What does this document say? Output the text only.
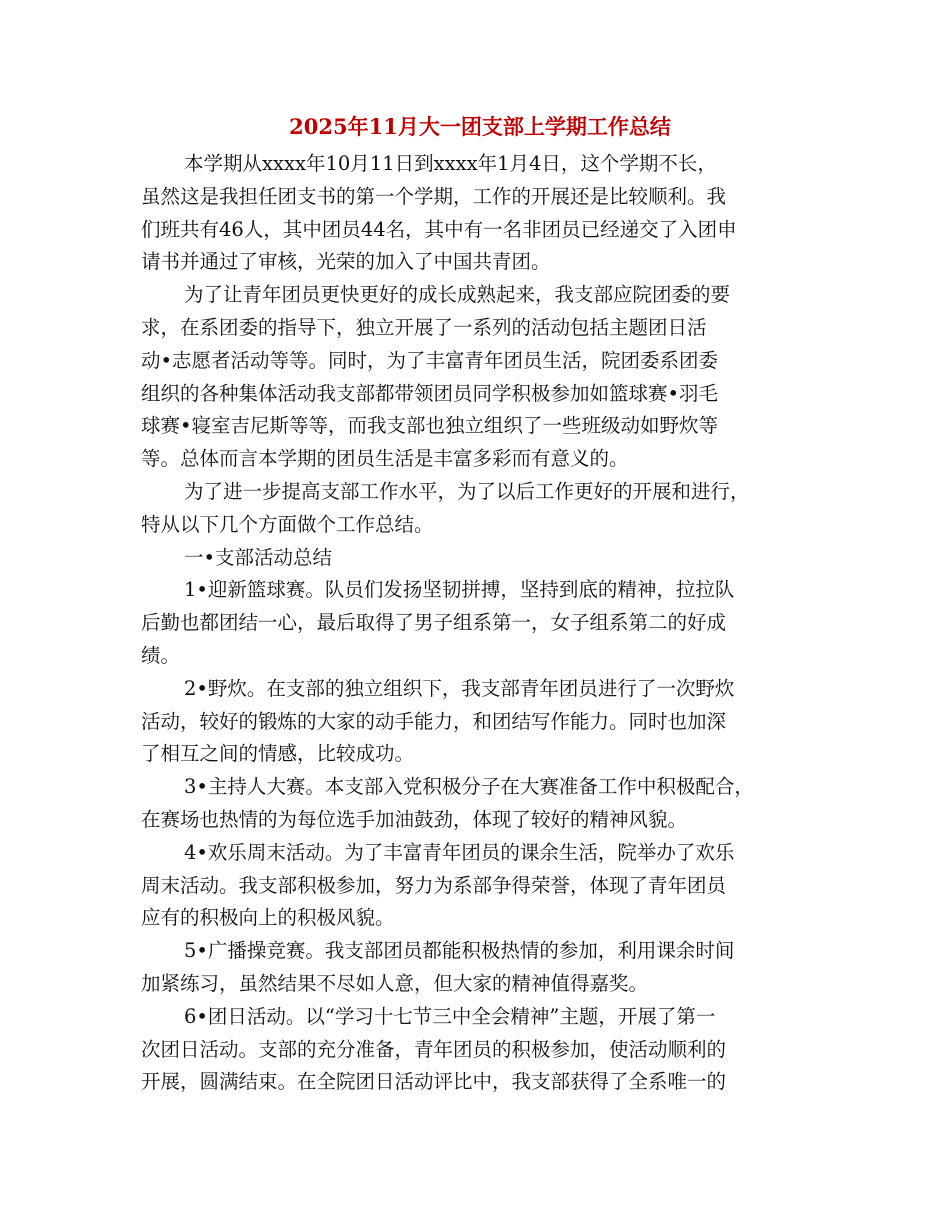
2025年11月大一团支部上学期工作总结
本学期从xxxx年10月11日到xxxx年1月4日，这个学期不长，
虽然这是我担任团支书的第一个学期，工作的开展还是比较顺利。我
们班共有46人，其中团员44名，其中有一名非团员已经递交了入团申
请书并通过了审核，光荣的加入了中国共青团。
为了让青年团员更快更好的成长成熟起来，我支部应院团委的要
求，在系团委的指导下，独立开展了一系列的活动包括主题团日活
动•志愿者活动等等。同时，为了丰富青年团员生活，院团委系团委
组织的各种集体活动我支部都带领团员同学积极参加如篮球赛•羽毛
球赛•寝室吉尼斯等等，而我支部也独立组织了一些班级动如野炊等
等。总体而言本学期的团员生活是丰富多彩而有意义的。
为了进一步提高支部工作水平，为了以后工作更好的开展和进行，
特从以下几个方面做个工作总结。
一•支部活动总结
1•迎新篮球赛。队员们发扬坚韧拼搏，坚持到底的精神，拉拉队
后勤也都团结一心，最后取得了男子组系第一，女子组系第二的好成
绩。
2•野炊。在支部的独立组织下，我支部青年团员进行了一次野炊
活动，较好的锻炼的大家的动手能力，和团结写作能力。同时也加深
了相互之间的情感，比较成功。
3•主持人大赛。本支部入党积极分子在大赛准备工作中积极配合，
在赛场也热情的为每位选手加油鼓劲，体现了较好的精神风貌。
4•欢乐周末活动。为了丰富青年团员的课余生活，院举办了欢乐
周末活动。我支部积极参加，努力为系部争得荣誉，体现了青年团员
应有的积极向上的积极风貌。
5•广播操竞赛。我支部团员都能积极热情的参加，利用课余时间
加紧练习，虽然结果不尽如人意，但大家的精神值得嘉奖。
6•团日活动。以“学习十七节三中全会精神”主题，开展了第一
次团日活动。支部的充分准备，青年团员的积极参加，使活动顺利的
开展，圆满结束。在全院团日活动评比中，我支部获得了全系唯一的
